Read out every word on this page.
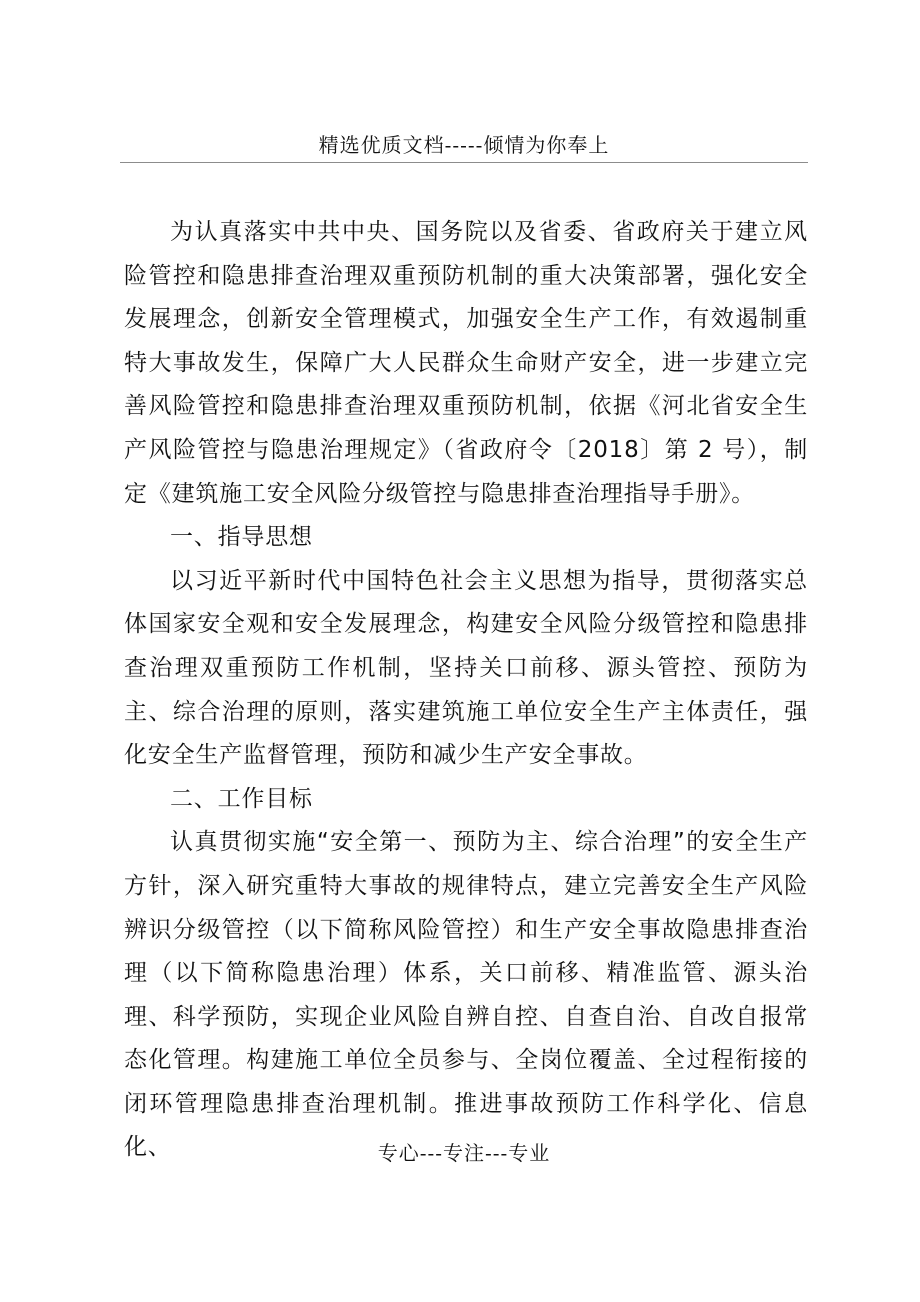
精选优质文档-----倾情为你奉上

为认真落实中共中央、国务院以及省委、省政府关于建立风险管控和隐患排查治理双重预防机制的重大决策部署，强化安全发展理念，创新安全管理模式，加强安全生产工作，有效遏制重特大事故发生，保障广大人民群众生命财产安全，进一步建立完善风险管控和隐患排查治理双重预防机制，依据《河北省安全生产风险管控与隐患治理规定》（省政府令〔2018〕第 2 号），制定《建筑施工安全风险分级管控与隐患排查治理指导手册》。

一、指导思想

以习近平新时代中国特色社会主义思想为指导，贯彻落实总体国家安全观和安全发展理念，构建安全风险分级管控和隐患排查治理双重预防工作机制，坚持关口前移、源头管控、预防为主、综合治理的原则，落实建筑施工单位安全生产主体责任，强化安全生产监督管理，预防和减少生产安全事故。

二、工作目标

认真贯彻实施“安全第一、预防为主、综合治理”的安全生产方针，深入研究重特大事故的规律特点，建立完善安全生产风险辨识分级管控（以下简称风险管控）和生产安全事故隐患排查治理（以下简称隐患治理）体系，关口前移、精准监管、源头治理、科学预防，实现企业风险自辨自控、自查自治、自改自报常态化管理。构建施工单位全员参与、全岗位覆盖、全过程衔接的闭环管理隐患排查治理机制。推进事故预防工作科学化、信息化、	专心---专注---专业
